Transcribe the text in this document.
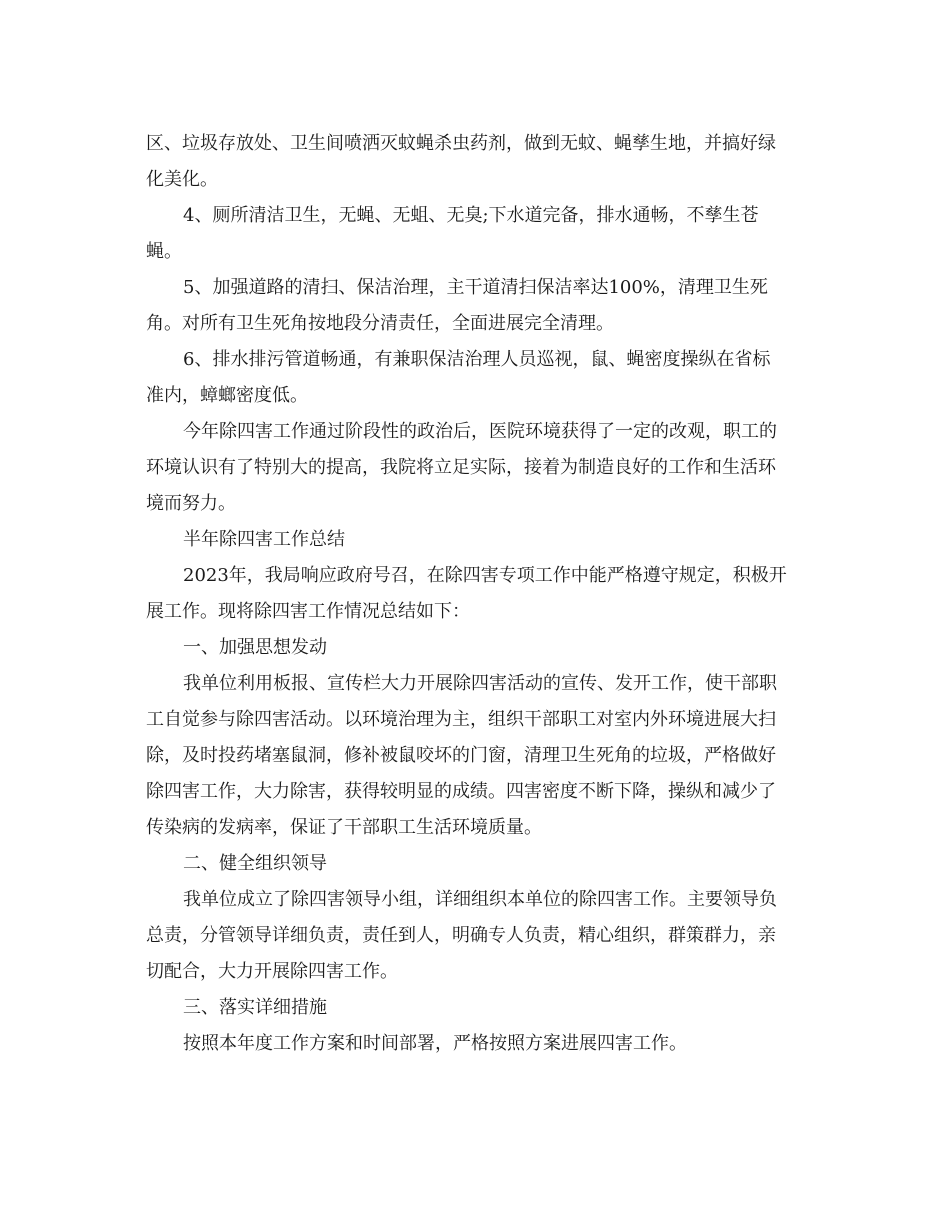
区、垃圾存放处、卫生间喷洒灭蚊蝇杀虫药剂，做到无蚊、蝇孳生地，并搞好绿
化美化。
4、厕所清洁卫生，无蝇、无蛆、无臭;下水道完备，排水通畅，不孳生苍
蝇。
5、加强道路的清扫、保洁治理，主干道清扫保洁率达100%，清理卫生死
角。对所有卫生死角按地段分清责任，全面进展完全清理。
6、排水排污管道畅通，有兼职保洁治理人员巡视，鼠、蝇密度操纵在省标
准内，蟑螂密度低。
今年除四害工作通过阶段性的政治后，医院环境获得了一定的改观，职工的
环境认识有了特别大的提高，我院将立足实际，接着为制造良好的工作和生活环
境而努力。
半年除四害工作总结
2023年，我局响应政府号召，在除四害专项工作中能严格遵守规定，积极开
展工作。现将除四害工作情况总结如下：
一、加强思想发动
我单位利用板报、宣传栏大力开展除四害活动的宣传、发开工作，使干部职
工自觉参与除四害活动。以环境治理为主，组织干部职工对室内外环境进展大扫
除，及时投药堵塞鼠洞，修补被鼠咬坏的门窗，清理卫生死角的垃圾，严格做好
除四害工作，大力除害，获得较明显的成绩。四害密度不断下降，操纵和减少了
传染病的发病率，保证了干部职工生活环境质量。
二、健全组织领导
我单位成立了除四害领导小组，详细组织本单位的除四害工作。主要领导负
总责，分管领导详细负责，责任到人，明确专人负责，精心组织，群策群力，亲
切配合，大力开展除四害工作。
三、落实详细措施
按照本年度工作方案和时间部署，严格按照方案进展四害工作。
